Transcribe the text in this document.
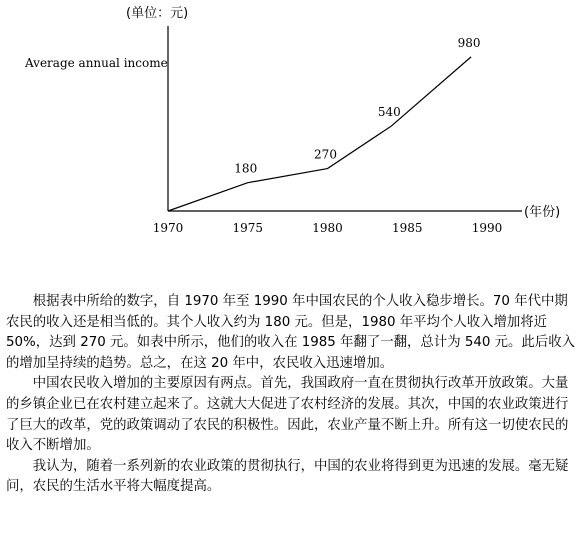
(单位：元)
Average annual income
(年份)
1970	1975	1980	1985	1990
180
270
540
980

根据表中所给的数字，自 1970 年至 1990 年中国农民的个人收入稳步增长。70 年代中期农民的收入还是相当低的。其个人收入约为 180 元。但是，1980 年平均个人收入增加将近 50%，达到 270 元。如表中所示，他们的收入在 1985 年翻了一翻，总计为 540 元。此后收入的增加呈持续的趋势。总之，在这 20 年中，农民收入迅速增加。

中国农民收入增加的主要原因有两点。首先，我国政府一直在贯彻执行改革开放政策。大量的乡镇企业已在农村建立起来了。这就大大促进了农村经济的发展。其次，中国的农业政策进行了巨大的改革，党的政策调动了农民的积极性。因此，农业产量不断上升。所有这一切使农民的收入不断增加。

我认为，随着一系列新的农业政策的贯彻执行，中国的农业将得到更为迅速的发展。毫无疑问，农民的生活水平将大幅度提高。
